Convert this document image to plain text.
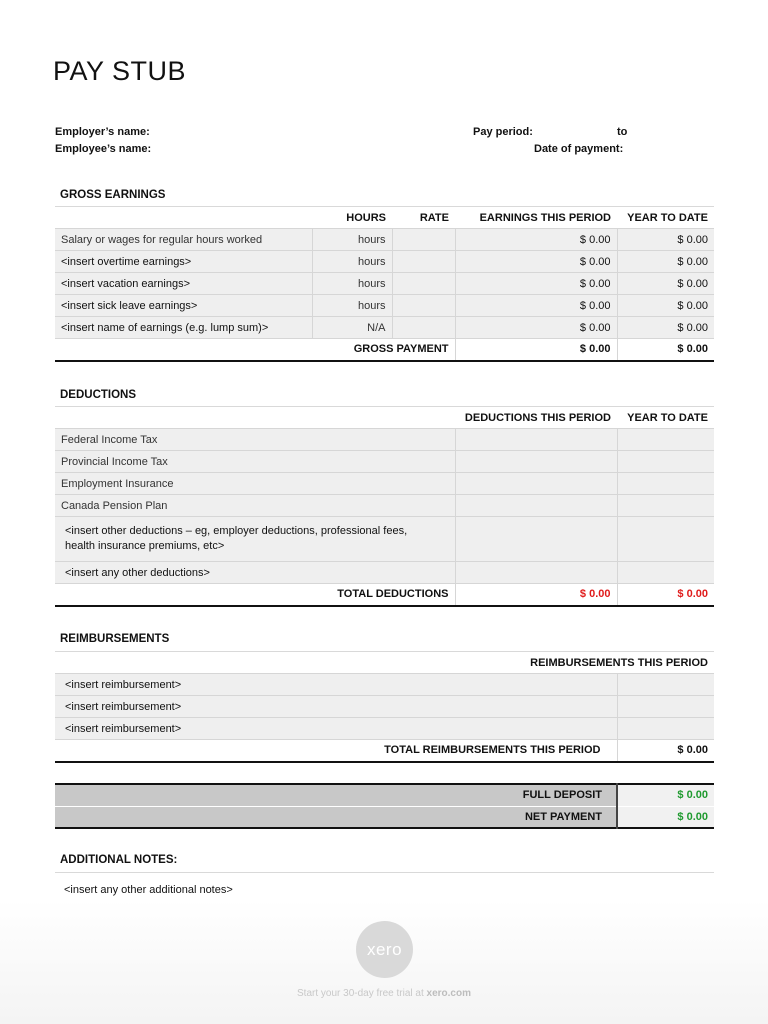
PAY STUB
Employer’s name:
Employee’s name:
Pay period:	to
Date of payment:
GROSS EARNINGS
	HOURS	RATE	EARNINGS THIS PERIOD	YEAR TO DATE
Salary or wages for regular hours worked	hours		$ 0.00	$ 0.00
<insert overtime earnings>	hours		$ 0.00	$ 0.00
<insert vacation earnings>	hours		$ 0.00	$ 0.00
<insert sick leave earnings>	hours		$ 0.00	$ 0.00
<insert name of earnings (e.g. lump sum)>	N/A		$ 0.00	$ 0.00
	GROSS PAYMENT		$ 0.00	$ 0.00
DEDUCTIONS
	DEDUCTIONS THIS PERIOD	YEAR TO DATE
Federal Income Tax		
Provincial Income Tax		
Employment Insurance		
Canada Pension Plan		
<insert other deductions – eg, employer deductions, professional fees, health insurance premiums, etc>		
<insert any other deductions>		
TOTAL DEDUCTIONS	$ 0.00	$ 0.00
REIMBURSEMENTS
REIMBURSEMENTS THIS PERIOD	
<insert reimbursement>	
<insert reimbursement>	
<insert reimbursement>	
TOTAL REIMBURSEMENTS THIS PERIOD	$ 0.00
FULL DEPOSIT	$ 0.00
NET PAYMENT	$ 0.00
ADDITIONAL NOTES:
<insert any other additional notes>
xero
Start your 30-day free trial at xero.com
